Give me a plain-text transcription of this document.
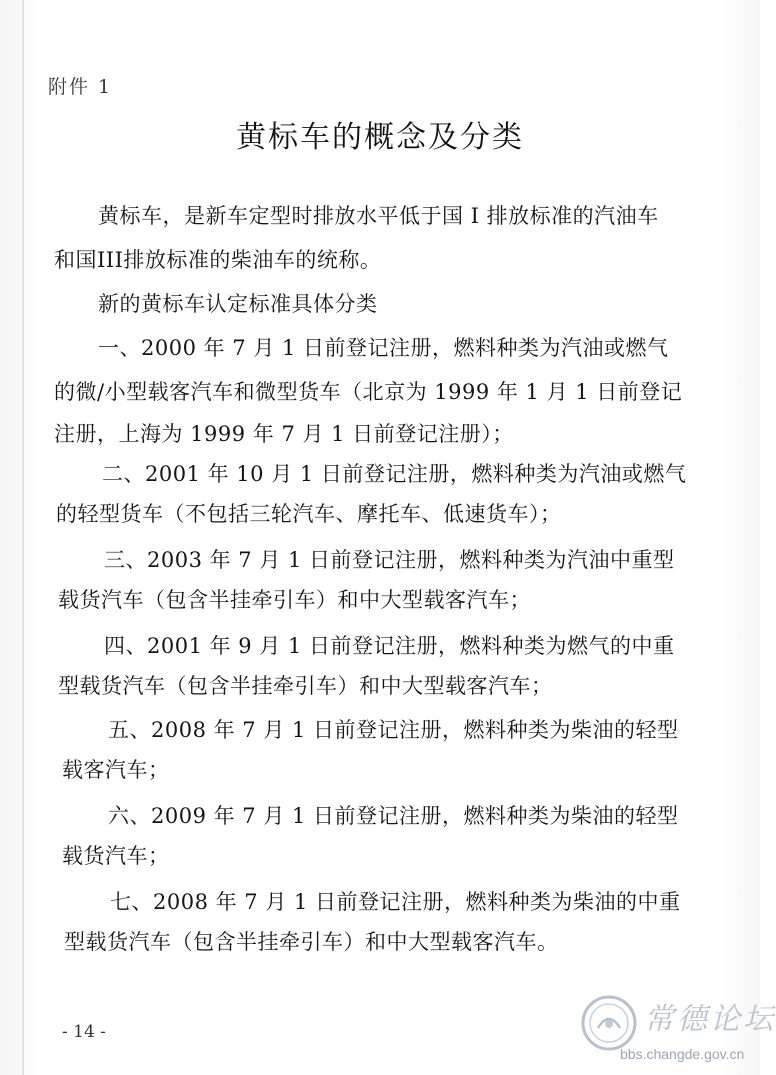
附件 1
黄标车的概念及分类
黄标车，是新车定型时排放水平低于国 I 排放标准的汽油车
和国III排放标准的柴油车的统称。
新的黄标车认定标准具体分类
一、2000 年 7 月 1 日前登记注册，燃料种类为汽油或燃气
的微/小型载客汽车和微型货车（北京为 1999 年 1 月 1 日前登记
注册，上海为 1999 年 7 月 1 日前登记注册）；
二、2001 年 10 月 1 日前登记注册，燃料种类为汽油或燃气
的轻型货车（不包括三轮汽车、摩托车、低速货车）；
三、2003 年 7 月 1 日前登记注册，燃料种类为汽油中重型
载货汽车（包含半挂牵引车）和中大型载客汽车；
四、2001 年 9 月 1 日前登记注册，燃料种类为燃气的中重
型载货汽车（包含半挂牵引车）和中大型载客汽车；
五、2008 年 7 月 1 日前登记注册，燃料种类为柴油的轻型
载客汽车；
六、2009 年 7 月 1 日前登记注册，燃料种类为柴油的轻型
载货汽车；
七、2008 年 7 月 1 日前登记注册，燃料种类为柴油的中重
型载货汽车（包含半挂牵引车）和中大型载客汽车。
- 14 -	常德论坛
bbs.changde.gov.cn
